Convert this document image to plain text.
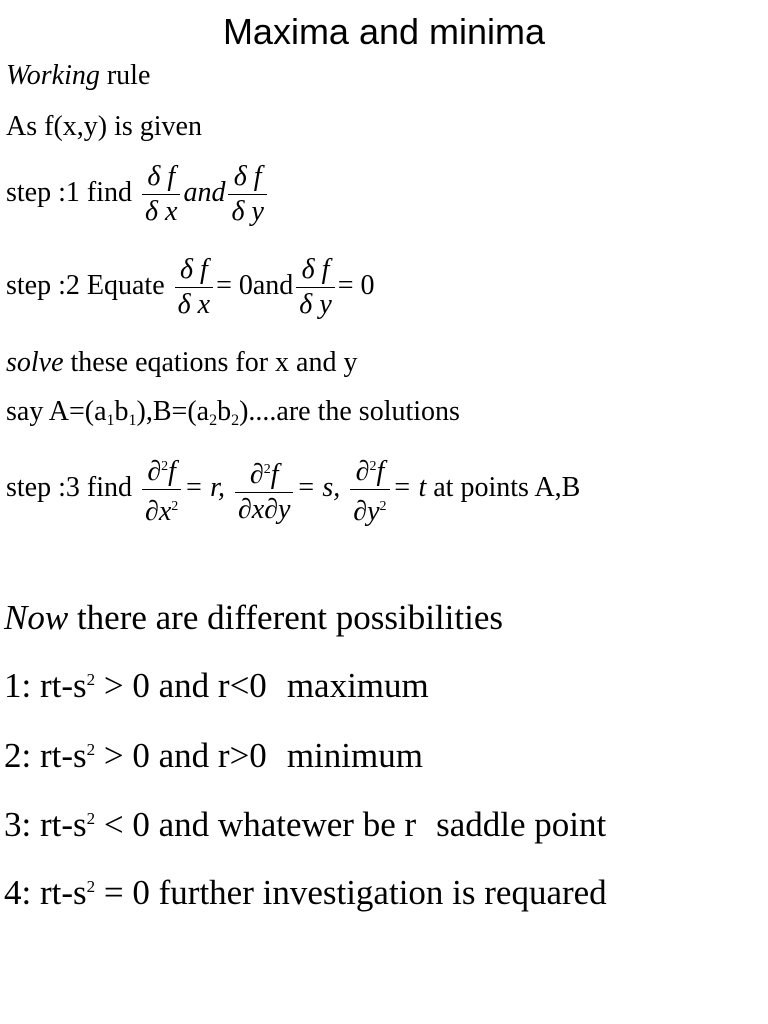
Maxima and minima
Working rule
As f(x,y) is given
step :1 find $\frac{\text{δ f}}{\text{δ x}}$ and $\frac{\text{δ f}}{\text{δ y}}$
step :2 Equate $\frac{\text{δ f}}{\text{δ x}} = 0and \frac{\text{δ f}}{\text{δ y}} = 0$
solve these eqations for x and y
say $A=(a_1b_1),B=(a_2b_2)....are$ the solutions
step :3 find $\frac{\partial^2f}{\partial x^2} = r$, $\frac{\partial^2f}{\partial x\partial y} = s$, $\frac{\partial^2f}{\partial y^2} = t$ at points A,B
Now there are different possibilities
1: $rt-s^2 > 0$ and r<0 maximum
2: $rt-s^2 > 0$ and r>0 minimum
3: $rt-s^2 < 0$ and whatewer be r saddle point
4: $rt-s^2 = 0$ further investigation is requared
